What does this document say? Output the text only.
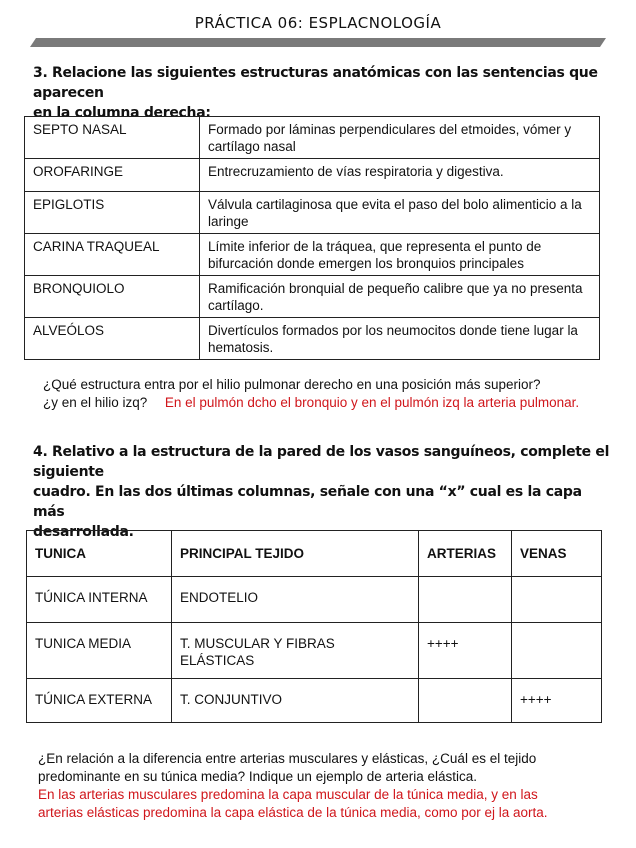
PRÁCTICA 06: ESPLACNOLOGÍA
3. Relacione las siguientes estructuras anatómicas con las sentencias que aparecen
en la columna derecha:
SEPTO NASAL	Formado por láminas perpendiculares del etmoides, vómer y cartílago nasal
OROFARINGE	Entrecruzamiento de vías respiratoria y digestiva.
EPIGLOTIS	Válvula cartilaginosa que evita el paso del bolo alimenticio a la laringe
CARINA TRAQUEAL	Límite inferior de la tráquea, que representa el punto de bifurcación donde emergen los bronquios principales
BRONQUIOLO	Ramificación bronquial de pequeño calibre que ya no presenta cartílago.
ALVEÓLOS	Divertículos formados por los neumocitos donde tiene lugar la hematosis.
¿Qué estructura entra por el hilio pulmonar derecho en una posición más superior?
¿y en el hilio izq? En el pulmón dcho el bronquio y en el pulmón izq la arteria pulmonar.
4. Relativo a la estructura de la pared de los vasos sanguíneos, complete el siguiente
cuadro. En las dos últimas columnas, señale con una “x” cual es la capa más
desarrollada.
TUNICA	PRINCIPAL TEJIDO	ARTERIAS	VENAS
TÚNICA INTERNA	ENDOTELIO		
TUNICA MEDIA	T. MUSCULAR Y FIBRAS ELÁSTICAS	++++	
TÚNICA EXTERNA	T. CONJUNTIVO		++++
¿En relación a la diferencia entre arterias musculares y elásticas, ¿Cuál es el tejido
predominante en su túnica media? Indique un ejemplo de arteria elástica.
En las arterias musculares predomina la capa muscular de la túnica media, y en las
arterias elásticas predomina la capa elástica de la túnica media, como por ej la aorta.
